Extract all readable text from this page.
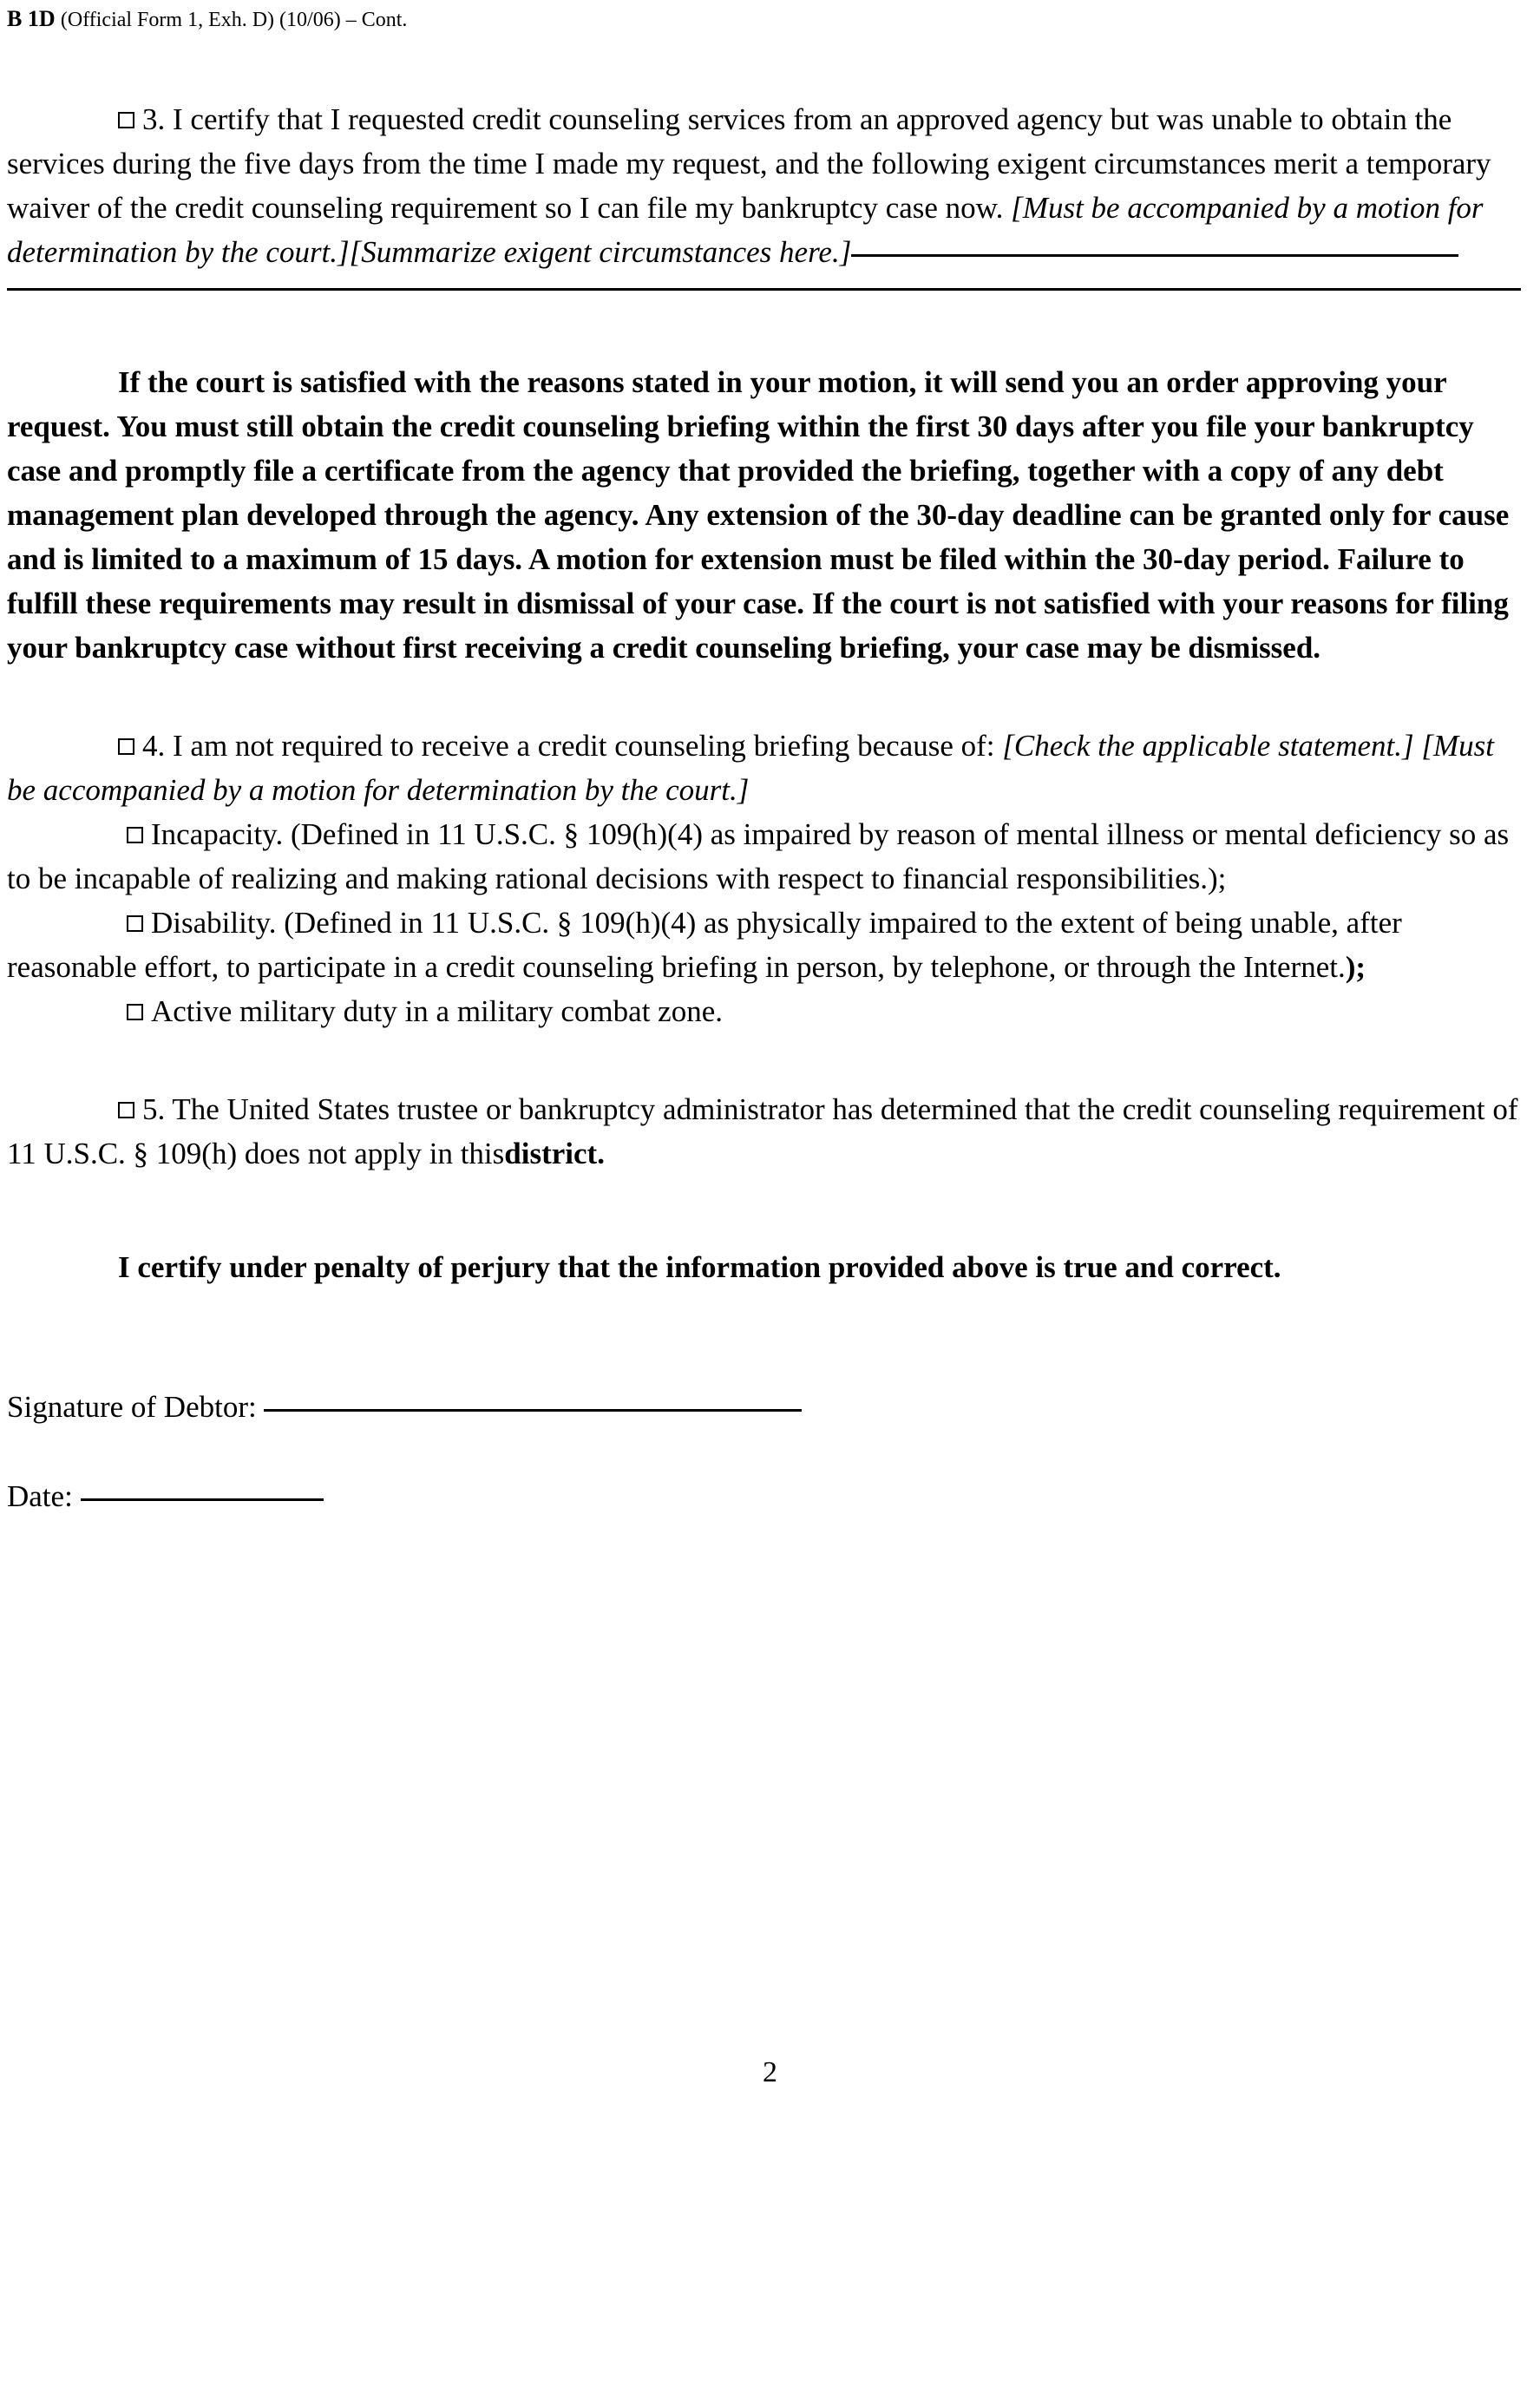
B 1D (Official Form 1, Exh. D) (10/06) – Cont.

3. I certify that I requested credit counseling services from an approved agency but was unable to obtain the services during the five days from the time I made my request, and the following exigent circumstances merit a temporary waiver of the credit counseling requirement so I can file my bankruptcy case now. [Must be accompanied by a motion for determination by the court.][Summarize exigent circumstances here.]

If the court is satisfied with the reasons stated in your motion, it will send you an order approving your request. You must still obtain the credit counseling briefing within the first 30 days after you file your bankruptcy case and promptly file a certificate from the agency that provided the briefing, together with a copy of any debt management plan developed through the agency. Any extension of the 30-day deadline can be granted only for cause and is limited to a maximum of 15 days. A motion for extension must be filed within the 30-day period. Failure to fulfill these requirements may result in dismissal of your case. If the court is not satisfied with your reasons for filing your bankruptcy case without first receiving a credit counseling briefing, your case may be dismissed.

4. I am not required to receive a credit counseling briefing because of: [Check the applicable statement.] [Must be accompanied by a motion for determination by the court.]

Incapacity. (Defined in 11 U.S.C. § 109(h)(4) as impaired by reason of mental illness or mental deficiency so as to be incapable of realizing and making rational decisions with respect to financial responsibilities.);

Disability. (Defined in 11 U.S.C. § 109(h)(4) as physically impaired to the extent of being unable, after reasonable effort, to participate in a credit counseling briefing in person, by telephone, or through the Internet.);

Active military duty in a military combat zone.

5. The United States trustee or bankruptcy administrator has determined that the credit counseling requirement of 11 U.S.C. § 109(h) does not apply in thisdistrict.

I certify under penalty of perjury that the information provided above is true and correct.

Signature of Debtor:

Date:

2
